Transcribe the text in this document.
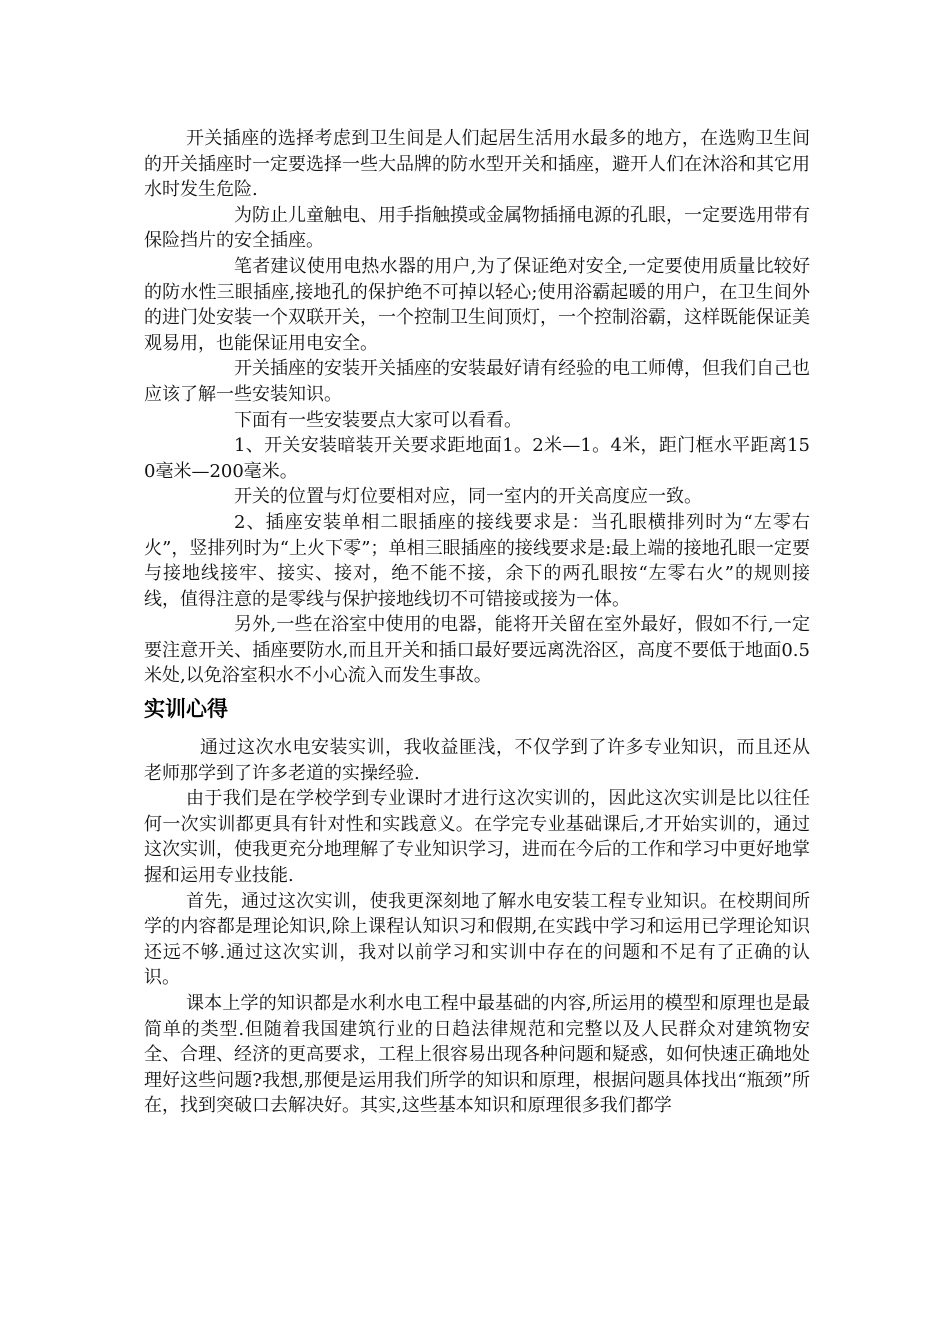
开关插座的选择考虑到卫生间是人们起居生活用水最多的地方，在选购卫生间的开关插座时一定要选择一些大品牌的防水型开关和插座，避开人们在沐浴和其它用水时发生危险.

为防止儿童触电、用手指触摸或金属物插捅电源的孔眼，一定要选用带有保险挡片的安全插座。

笔者建议使用电热水器的用户,为了保证绝对安全,一定要使用质量比较好的防水性三眼插座,接地孔的保护绝不可掉以轻心;使用浴霸起暖的用户，在卫生间外的进门处安装一个双联开关，一个控制卫生间顶灯，一个控制浴霸，这样既能保证美观易用，也能保证用电安全。

开关插座的安装开关插座的安装最好请有经验的电工师傅，但我们自己也应该了解一些安装知识。

下面有一些安装要点大家可以看看。

1、开关安装暗装开关要求距地面1。2米—1。4米，距门框水平距离150毫米—200毫米。

开关的位置与灯位要相对应，同一室内的开关高度应一致。

2、插座安装单相二眼插座的接线要求是：当孔眼横排列时为“左零右火”，竖排列时为“上火下零”；单相三眼插座的接线要求是:最上端的接地孔眼一定要与接地线接牢、接实、接对，绝不能不接，余下的两孔眼按“左零右火”的规则接线，值得注意的是零线与保护接地线切不可错接或接为一体。

另外,一些在浴室中使用的电器，能将开关留在室外最好，假如不行,一定要注意开关、插座要防水,而且开关和插口最好要远离洗浴区，高度不要低于地面0.5米处,以免浴室积水不小心流入而发生事故。

实训心得

通过这次水电安装实训，我收益匪浅，不仅学到了许多专业知识，而且还从老师那学到了许多老道的实操经验.

由于我们是在学校学到专业课时才进行这次实训的，因此这次实训是比以往任何一次实训都更具有针对性和实践意义。在学完专业基础课后,才开始实训的，通过这次实训，使我更充分地理解了专业知识学习，进而在今后的工作和学习中更好地掌握和运用专业技能.

首先，通过这次实训，使我更深刻地了解水电安装工程专业知识。在校期间所学的内容都是理论知识,除上课程认知识习和假期,在实践中学习和运用已学理论知识还远不够.通过这次实训，我对以前学习和实训中存在的问题和不足有了正确的认识。

课本上学的知识都是水利水电工程中最基础的内容,所运用的模型和原理也是最简单的类型.但随着我国建筑行业的日趋法律规范和完整以及人民群众对建筑物安全、合理、经济的更高要求，工程上很容易出现各种问题和疑惑，如何快速正确地处理好这些问题?我想,那便是运用我们所学的知识和原理，根据问题具体找出“瓶颈”所在，找到突破口去解决好。其实,这些基本知识和原理很多我们都学
